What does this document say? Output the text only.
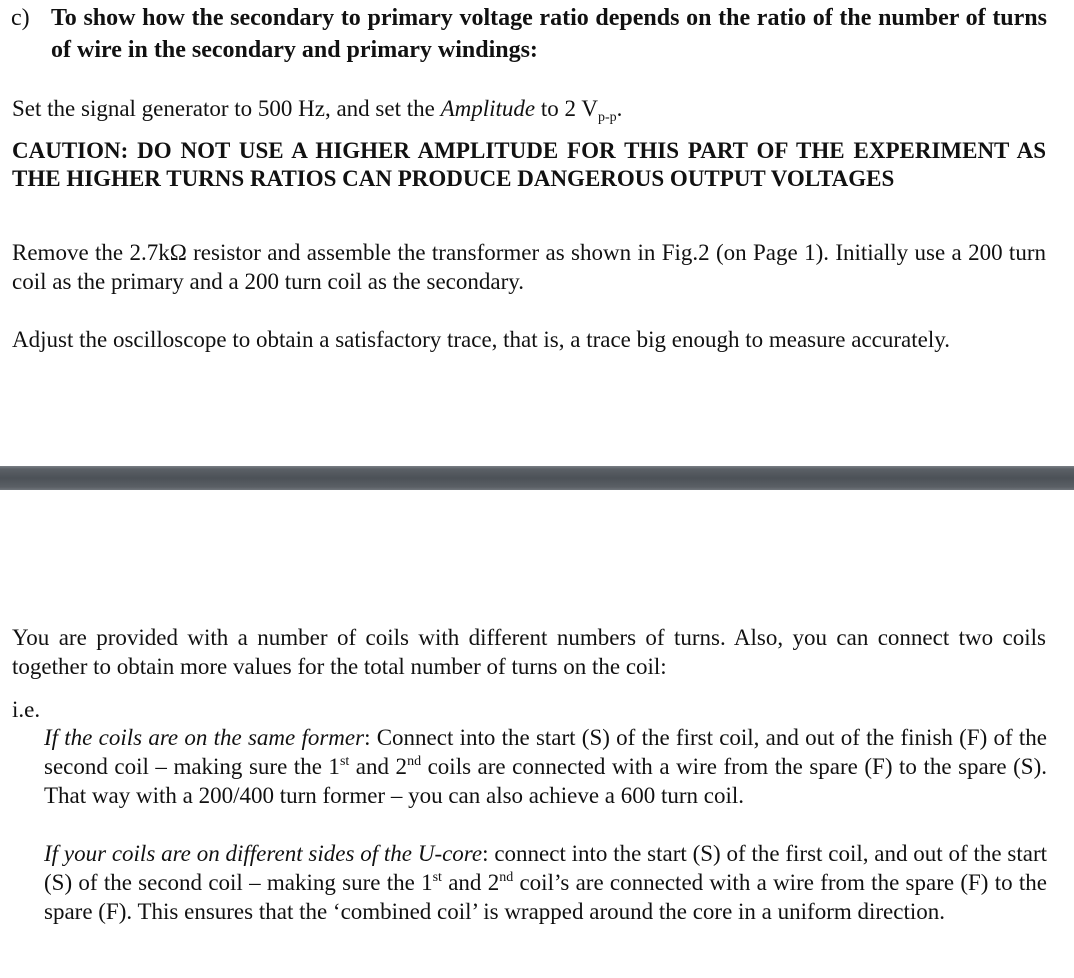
c) To show how the secondary to primary voltage ratio depends on the ratio of the number of turns of wire in the secondary and primary windings:

Set the signal generator to 500 Hz, and set the Amplitude to 2 $V_{p-p}$.

CAUTION: DO NOT USE A HIGHER AMPLITUDE FOR THIS PART OF THE EXPERIMENT AS THE HIGHER TURNS RATIOS CAN PRODUCE DANGEROUS OUTPUT VOLTAGES

Remove the 2.7kΩ resistor and assemble the transformer as shown in Fig.2 (on Page 1). Initially use a 200 turn coil as the primary and a 200 turn coil as the secondary.

Adjust the oscilloscope to obtain a satisfactory trace, that is, a trace big enough to measure accurately.

You are provided with a number of coils with different numbers of turns. Also, you can connect two coils together to obtain more values for the total number of turns on the coil:

i.e.

If the coils are on the same former: Connect into the start (S) of the first coil, and out of the finish (F) of the second coil – making sure the 1st and 2nd coils are connected with a wire from the spare (F) to the spare (S). That way with a 200/400 turn former – you can also achieve a 600 turn coil.

If your coils are on different sides of the U-core: connect into the start (S) of the first coil, and out of the start (S) of the second coil – making sure the 1st and 2nd coil’s are connected with a wire from the spare (F) to the spare (F). This ensures that the ‘combined coil’ is wrapped around the core in a uniform direction.
